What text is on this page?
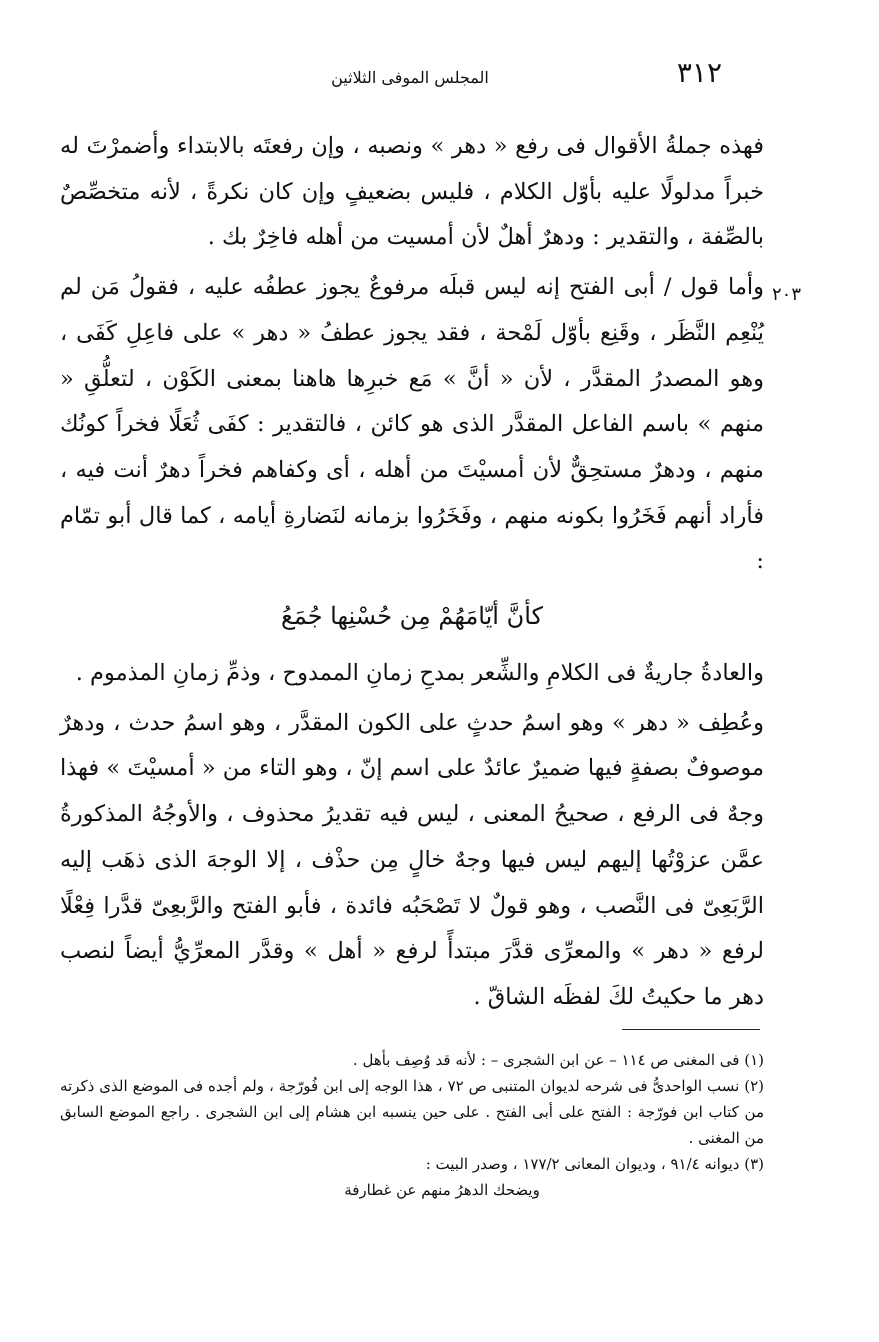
٣١٢
المجلس الموفى الثلاثين
٢٠٣

فهذه جملةُ الأقوال فى رفع « دهر » ونصبه ، وإن رفعتَه بالابتداء وأضمرْتَ له خبراً مدلولًا عليه بأوّل الكلام ، فليس بضعيفٍ وإن كان نكرةً ، لأنه متخصِّصٌ بالصِّفة ، والتقدير : ودهرٌ أهلٌ لأن أمسيت من أهله فاخِرٌ بك .

وأما قول / أبى الفتح إنه ليس قبلَه مرفوعٌ يجوز عطفُه عليه ، فقولُ مَن لم يُنْعِم النَّظَر ، وقَنِع بأوّل لَمْحة ، فقد يجوز عطفُ « دهر » على فاعِلِ كَفَى ، وهو المصدرُ المقدَّر ، لأن « أنَّ » مَع خبرِها هاهنا بمعنى الكَوْن ، لتعلُّقِ « منهم » باسم الفاعل المقدَّر الذى هو كائن ، فالتقدير : كفَى ثُعَلًا فخراً كونُك منهم ، ودهرٌ مستحِقٌّ لأن أمسيْتَ من أهله ، أى وكفاهم فخراً دهرٌ أنت فيه ، فأراد أنهم فَخَرُوا بكونه منهم ، وفَخَرُوا بزمانه لنَضارةِ أيامه ، كما قال أبو تمّام :

كأنَّ أيّامَهُمْ مِن حُسْنِها جُمَعُ

والعادةُ جاريةٌ فى الكلامِ والشِّعر بمدحِ زمانِ الممدوح ، وذمِّ زمانِ المذموم .

وعُطِف « دهر » وهو اسمُ حدثٍ على الكون المقدَّر ، وهو اسمُ حدث ، ودهرٌ موصوفٌ بصفةٍ فيها ضميرٌ عائدٌ على اسم إنّ ، وهو التاء من « أمسيْتَ » فهذا وجهٌ فى الرفع ، صحيحُ المعنى ، ليس فيه تقديرُ محذوف ، والأوجُهُ المذكورةُ عمَّن عزوْتُها إليهم ليس فيها وجهٌ خالٍ مِن حذْف ، إلا الوجهَ الذى ذهَب إليه الرَّبَعِىّ فى النَّصب ، وهو قولٌ لا تَصْحَبُه فائدة ، فأبو الفتح والرَّبعِىّ قدَّرا فِعْلًا لرفع « دهر » والمعرِّى قدَّرَ مبتدأً لرفع « أهل » وقدَّر المعرِّيُّ أيضاً لنصب دهر ما حكيتُ لكَ لفظَه الشاقّ .

(١) فى المغنى ص ١١٤ – عن ابن الشجرى – : لأنه قد وُصِف بأهل .

(٢) نسب الواحدىُّ فى شرحه لديوان المتنبى ص ٧٢ ، هذا الوجه إلى ابن فُورّجة ، ولم أجده فى الموضع الذى ذكرته من كتاب ابن فورّجة : الفتح على أبى الفتح . على حين ينسبه ابن هشام إلى ابن الشجرى . راجع الموضع السابق من المغنى .

(٣) ديوانه ٩١/٤ ، وديوان المعانى ١٧٧/٢ ، وصدر البيت :

ويضحك الدهرُ منهم عن غطارفة
